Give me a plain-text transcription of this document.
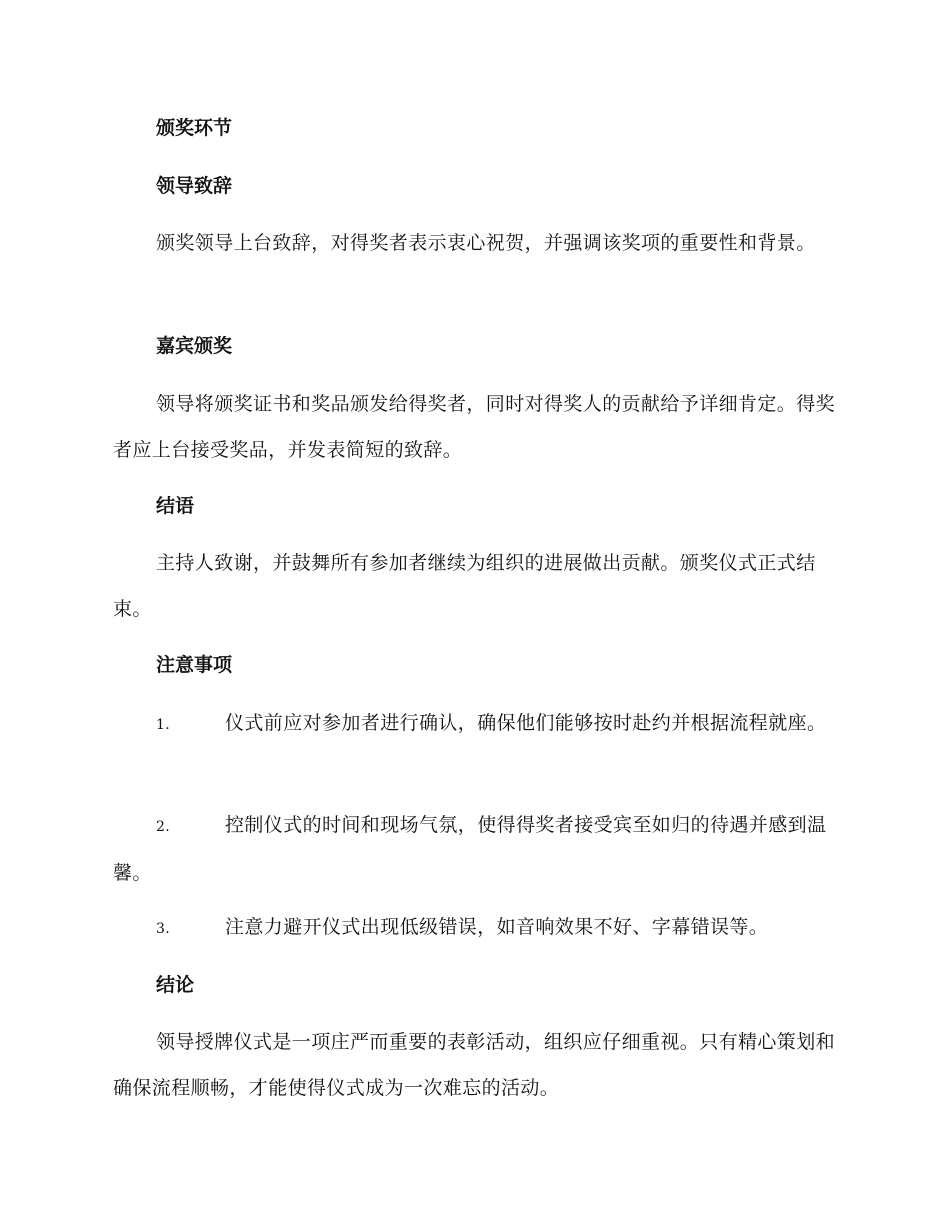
颁奖环节
领导致辞
颁奖领导上台致辞，对得奖者表示衷心祝贺，并强调该奖项的重要性和背景。
嘉宾颁奖
领导将颁奖证书和奖品颁发给得奖者，同时对得奖人的贡献给予详细肯定。得奖者应上台接受奖品，并发表简短的致辞。
结语
主持人致谢，并鼓舞所有参加者继续为组织的进展做出贡献。颁奖仪式正式结束。
注意事项
1.	仪式前应对参加者进行确认，确保他们能够按时赴约并根据流程就座。
2.	控制仪式的时间和现场气氛，使得得奖者接受宾至如归的待遇并感到温馨。
3.	注意力避开仪式出现低级错误，如音响效果不好、字幕错误等。
结论
领导授牌仪式是一项庄严而重要的表彰活动，组织应仔细重视。只有精心策划和确保流程顺畅，才能使得仪式成为一次难忘的活动。
